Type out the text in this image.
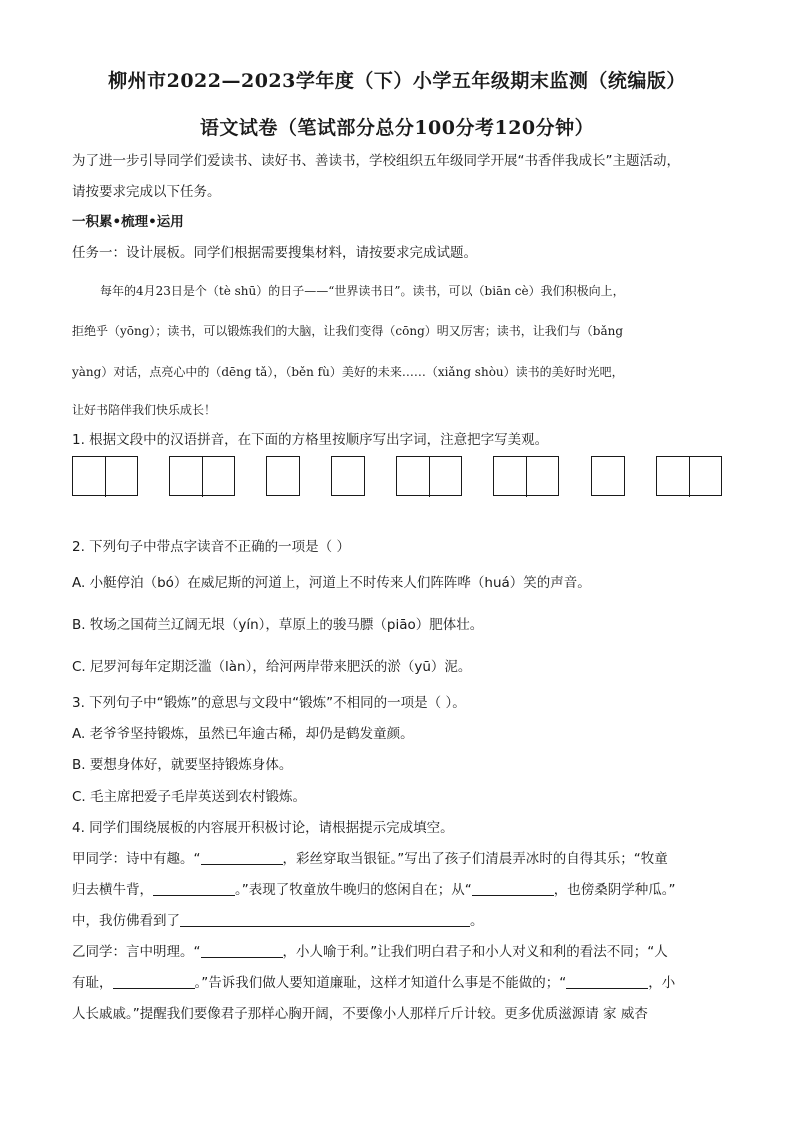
柳州市2022—2023学年度（下）小学五年级期末监测（统编版）
语文试卷（笔试部分总分100分考120分钟）
为了进一步引导同学们爱读书、读好书、善读书，学校组织五年级同学开展“书香伴我成长”主题活动，
请按要求完成以下任务。
一积累•梳理•运用
任务一：设计展板。同学们根据需要搜集材料，请按要求完成试题。
每年的4月23日是个（tè shū）的日子——“世界读书日”。读书，可以（biān cè）我们积极向上，
拒绝乎（yōng）；读书，可以锻炼我们的大脑，让我们变得（cōng）明又厉害；读书，让我们与（bǎng
yàng）对话，点亮心中的（dēng tǎ），（běn fù）美好的未来……（xiǎng shòu）读书的美好时光吧，
让好书陪伴我们快乐成长！
1. 根据文段中的汉语拼音，在下面的方格里按顺序写出字词，注意把字写美观。
2. 下列句子中带点字读音不正确的一项是（ ）
A. 小艇停泊（bó）在威尼斯的河道上，河道上不时传来人们阵阵哗（huá）笑的声音。
B. 牧场之国荷兰辽阔无垠（yín），草原上的骏马膘（piāo）肥体壮。
C. 尼罗河每年定期泛滥（làn），给河两岸带来肥沃的淤（yū）泥。
3. 下列句子中“锻炼”的意思与文段中“锻炼”不相同的一项是（ ）。
A. 老爷爷坚持锻炼，虽然已年逾古稀，却仍是鹤发童颜。
B. 要想身体好，就要坚持锻炼身体。
C. 毛主席把爱子毛岸英送到农村锻炼。
4. 同学们围绕展板的内容展开积极讨论，请根据提示完成填空。
甲同学：诗中有趣。“	，彩丝穿取当银钲。”写出了孩子们清晨弄冰时的自得其乐；“牧童
归去横牛背，	。”表现了牧童放牛晚归的悠闲自在；从“	，也傍桑阴学种瓜。”
中，我仿佛看到了	。
乙同学：言中明理。“	，小人喻于利。”让我们明白君子和小人对义和利的看法不同；“人
有耻，	。”告诉我们做人要知道廉耻，这样才知道什么事是不能做的；“	，小
人长戚戚。”提醒我们要像君子那样心胸开阔，不要像小人那样斤斤计较。更多优质滋源请 家 威杏
